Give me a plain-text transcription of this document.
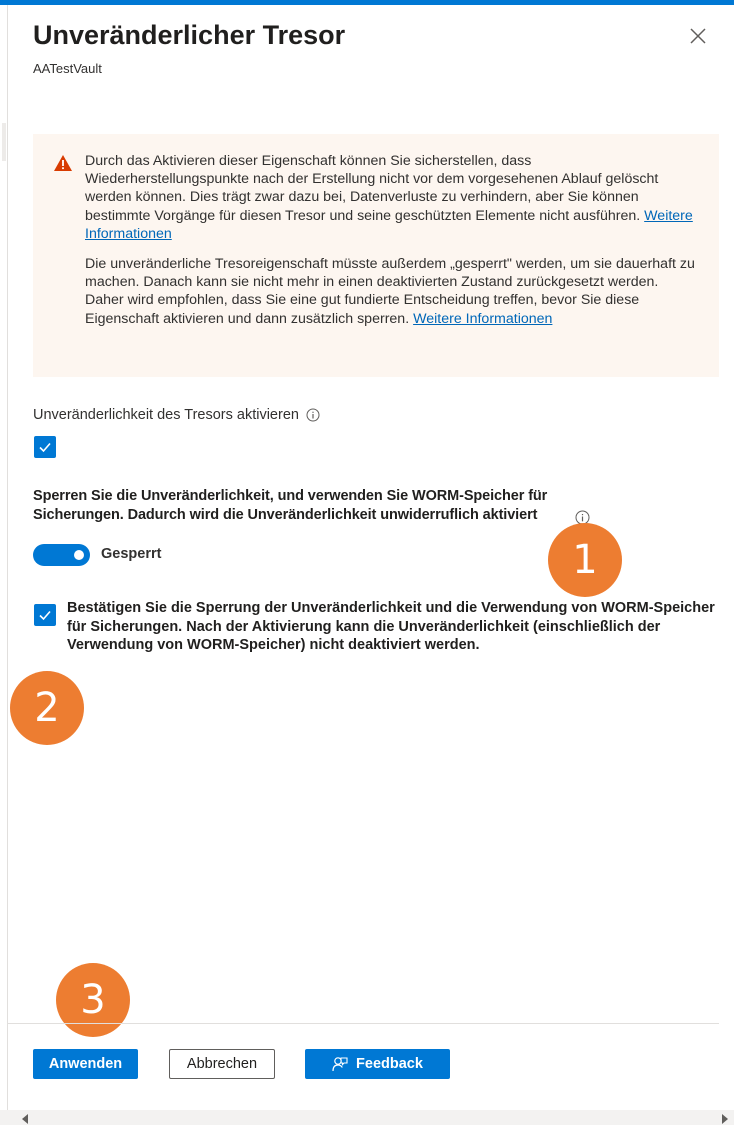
Unveränderlicher Tresor
AATestVault

Durch das Aktivieren dieser Eigenschaft können Sie sicherstellen, dass Wiederherstellungspunkte nach der Erstellung nicht vor dem vorgesehenen Ablauf gelöscht werden können. Dies trägt zwar dazu bei, Datenverluste zu verhindern, aber Sie können bestimmte Vorgänge für diesen Tresor und seine geschützten Elemente nicht ausführen. Weitere Informationen

Die unveränderliche Tresoreigenschaft müsste außerdem „gesperrt" werden, um sie dauerhaft zu machen. Danach kann sie nicht mehr in einen deaktivierten Zustand zurückgesetzt werden. Daher wird empfohlen, dass Sie eine gut fundierte Entscheidung treffen, bevor Sie diese Eigenschaft aktivieren und dann zusätzlich sperren. Weitere Informationen

Unveränderlichkeit des Tresors aktivieren
Sperren Sie die Unveränderlichkeit, und verwenden Sie WORM-Speicher für Sicherungen. Dadurch wird die Unveränderlichkeit unwiderruflich aktiviert
Gesperrt
Bestätigen Sie die Sperrung der Unveränderlichkeit und die Verwendung von WORM-Speicher für Sicherungen. Nach der Aktivierung kann die Unveränderlichkeit (einschließlich der Verwendung von WORM-Speicher) nicht deaktiviert werden.
1
2
3
Anwenden	Abbrechen	Feedback
